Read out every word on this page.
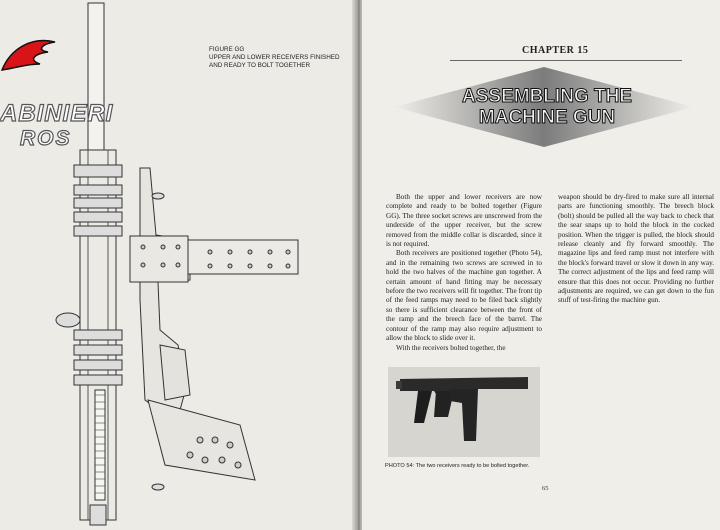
ABINIERI
ROS
FIGURE GG
UPPER AND LOWER RECEIVERS FINISHED
AND READY TO BOLT TOGETHER
CHAPTER 15
ASSEMBLING THE
MACHINE GUN

Both the upper and lower receivers are now complete and ready to be bolted together (Figure GG). The three socket screws are unscrewed from the underside of the upper receiver, but the screw removed from the middle collar is discarded, since it is not required.

Both receivers are positioned together (Photo 54), and in the remaining two screws are screwed in to hold the two halves of the machine gun together. A certain amount of hand fitting may be necessary before the two receivers will fit together. The front tip of the feed ramps may need to be filed back slightly so there is sufficient clearance between the front of the ramp and the breech face of the barrel. The contour of the ramp may also require adjustment to allow the block to slide over it.

With the receivers bolted together, the

weapon should be dry-fired to make sure all internal parts are functioning smoothly. The breech block (bolt) should be pulled all the way back to check that the sear snaps up to hold the block in the cocked position. When the trigger is pulled, the block should release cleanly and fly forward smoothly. The magazine lips and feed ramp must not interfere with the block's forward travel or slow it down in any way. The correct adjustment of the lips and feed ramp will ensure that this does not occur. Providing no further adjustments are required, we can get down to the fun stuff of test-firing the machine gun.

PHOTO 54: The two receivers ready to be bolted together.
65
